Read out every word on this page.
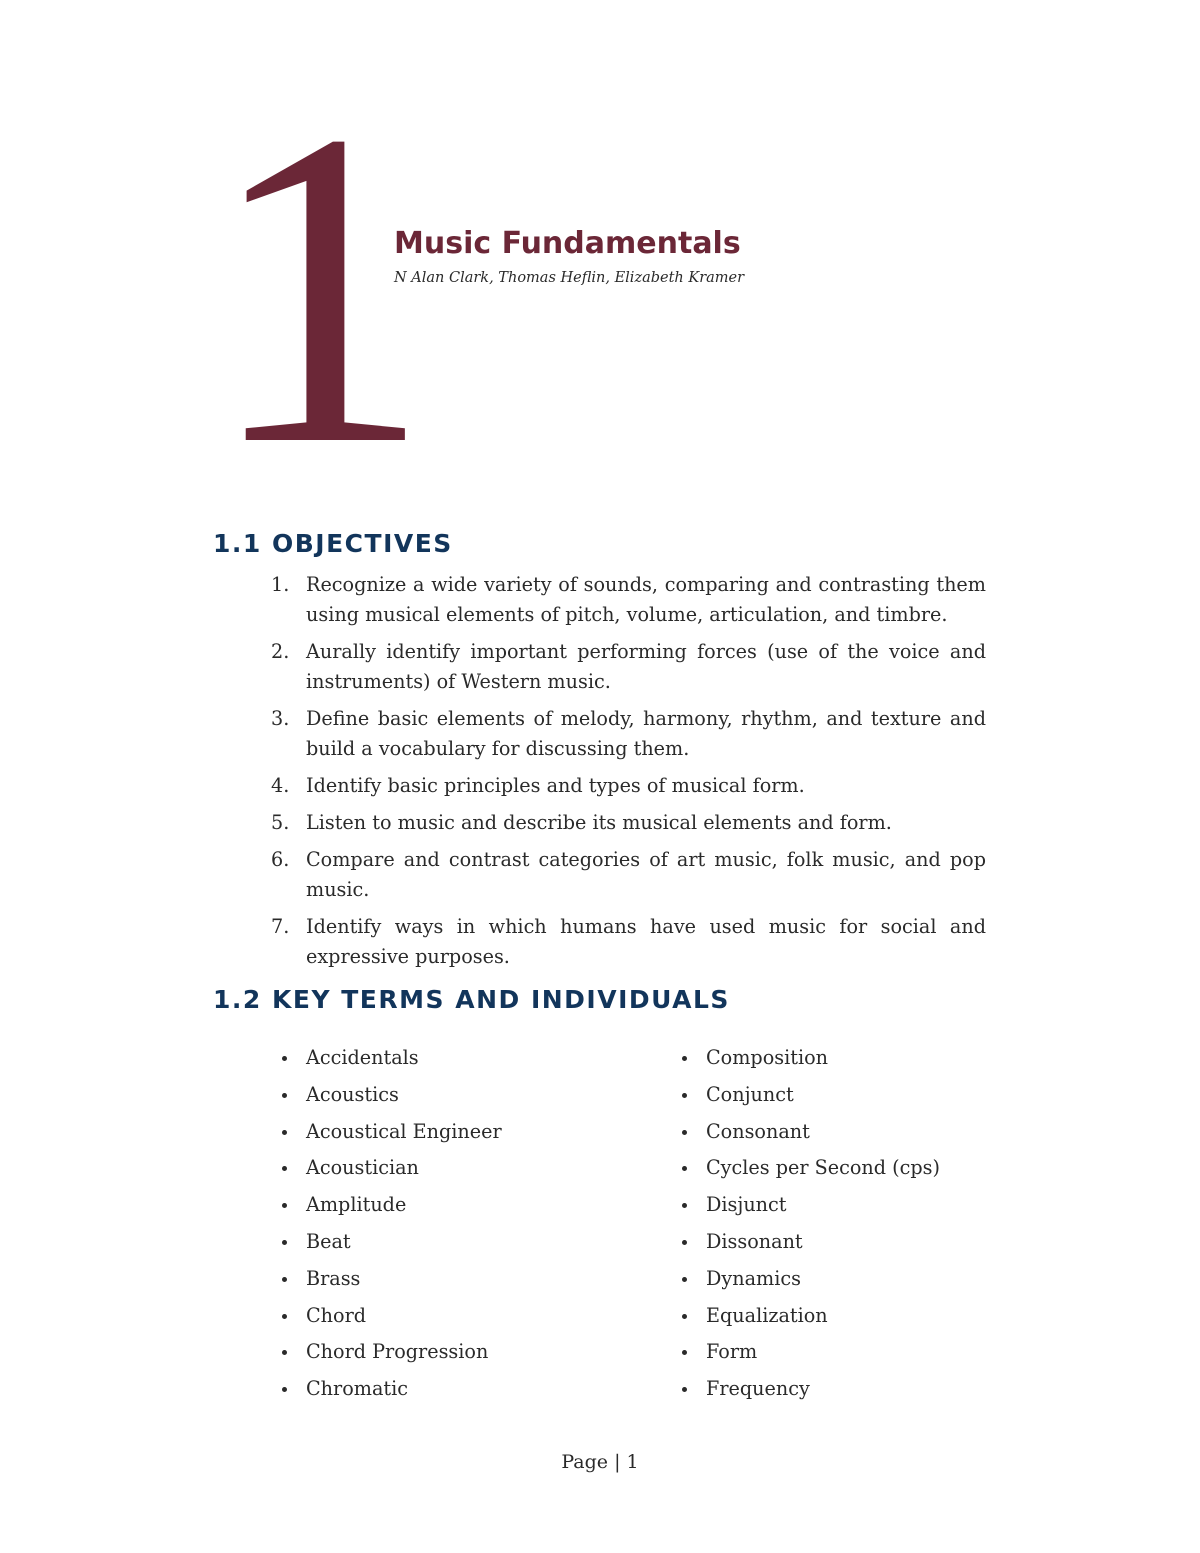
1
Music Fundamentals
N Alan Clark, Thomas Heflin, Elizabeth Kramer
1.1 OBJECTIVES
1. Recognize a wide variety of sounds, comparing and contrasting them using musical elements of pitch, volume, articulation, and timbre.
2. Aurally identify important performing forces (use of the voice and instruments) of Western music.
3. Define basic elements of melody, harmony, rhythm, and texture and build a vocabulary for discussing them.
4. Identify basic principles and types of musical form.
5. Listen to music and describe its musical elements and form.
6. Compare and contrast categories of art music, folk music, and pop music.
7. Identify ways in which humans have used music for social and expressive purposes.
1.2 KEY TERMS AND INDIVIDUALS
Accidentals
Acoustics
Acoustical Engineer
Acoustician
Amplitude
Beat
Brass
Chord
Chord Progression
Chromatic
Composition
Conjunct
Consonant
Cycles per Second (cps)
Disjunct
Dissonant
Dynamics
Equalization
Form
Frequency
Page | 1
